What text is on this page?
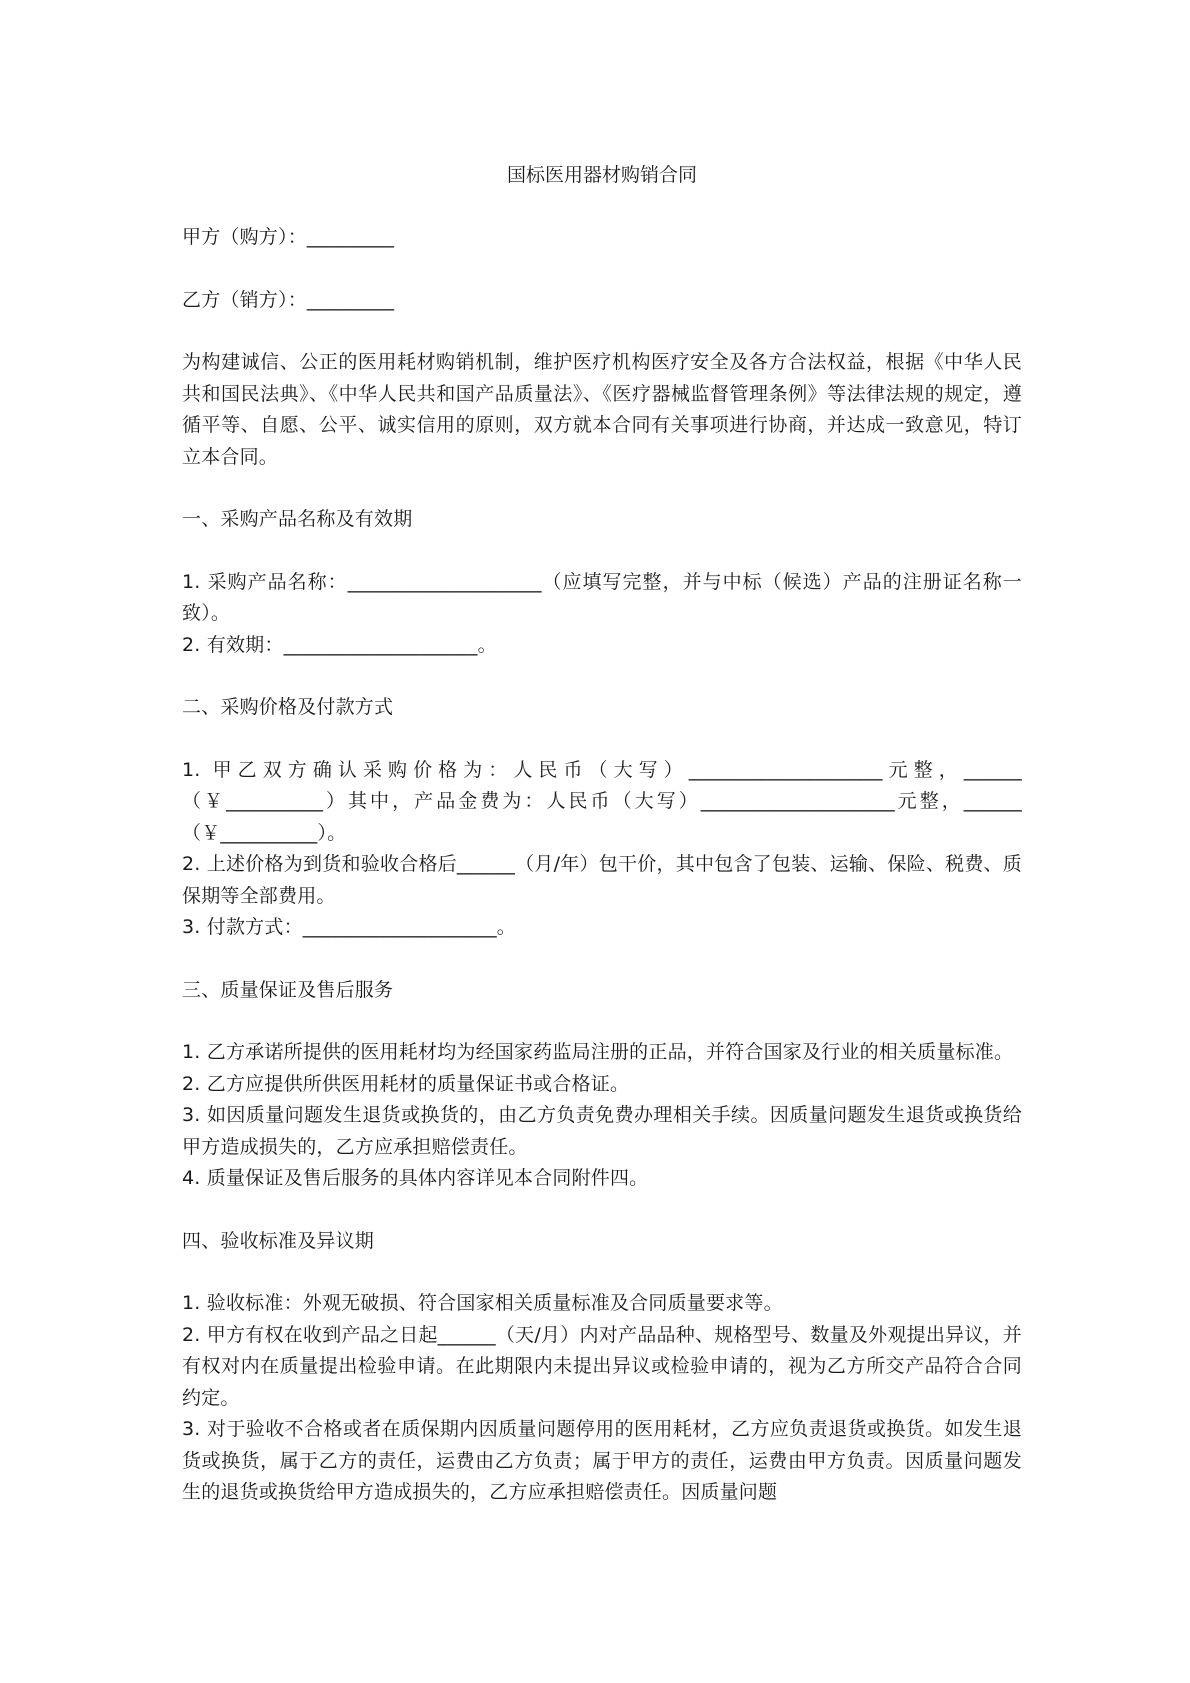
国标医用器材购销合同

甲方（购方）：_________

乙方（销方）：_________

为构建诚信、公正的医用耗材购销机制，维护医疗机构医疗安全及各方合法权益，根据《中华人民共和国民法典》、《中华人民共和国产品质量法》、《医疗器械监督管理条例》等法律法规的规定，遵循平等、自愿、公平、诚实信用的原则，双方就本合同有关事项进行协商，并达成一致意见，特订立本合同。

一、采购产品名称及有效期

1. 采购产品名称：____________________（应填写完整，并与中标（候选）产品的注册证名称一致）。

2. 有效期：____________________。

二、采购价格及付款方式

1. 甲乙双方确认采购价格为：人民币（大写）____________________元整，______（￥__________）其中，产品金费为：人民币（大写）____________________元整，______（￥__________）。

2. 上述价格为到货和验收合格后______（月/年）包干价，其中包含了包装、运输、保险、税费、质保期等全部费用。

3. 付款方式：____________________。

三、质量保证及售后服务

1. 乙方承诺所提供的医用耗材均为经国家药监局注册的正品，并符合国家及行业的相关质量标准。

2. 乙方应提供所供医用耗材的质量保证书或合格证。

3. 如因质量问题发生退货或换货的，由乙方负责免费办理相关手续。因质量问题发生退货或换货给甲方造成损失的，乙方应承担赔偿责任。

4. 质量保证及售后服务的具体内容详见本合同附件四。

四、验收标准及异议期

1. 验收标准：外观无破损、符合国家相关质量标准及合同质量要求等。

2. 甲方有权在收到产品之日起______（天/月）内对产品品种、规格型号、数量及外观提出异议，并有权对内在质量提出检验申请。在此期限内未提出异议或检验申请的，视为乙方所交产品符合合同约定。

3. 对于验收不合格或者在质保期内因质量问题停用的医用耗材，乙方应负责退货或换货。如发生退货或换货，属于乙方的责任，运费由乙方负责；属于甲方的责任，运费由甲方负责。因质量问题发生的退货或换货给甲方造成损失的，乙方应承担赔偿责任。因质量问题
